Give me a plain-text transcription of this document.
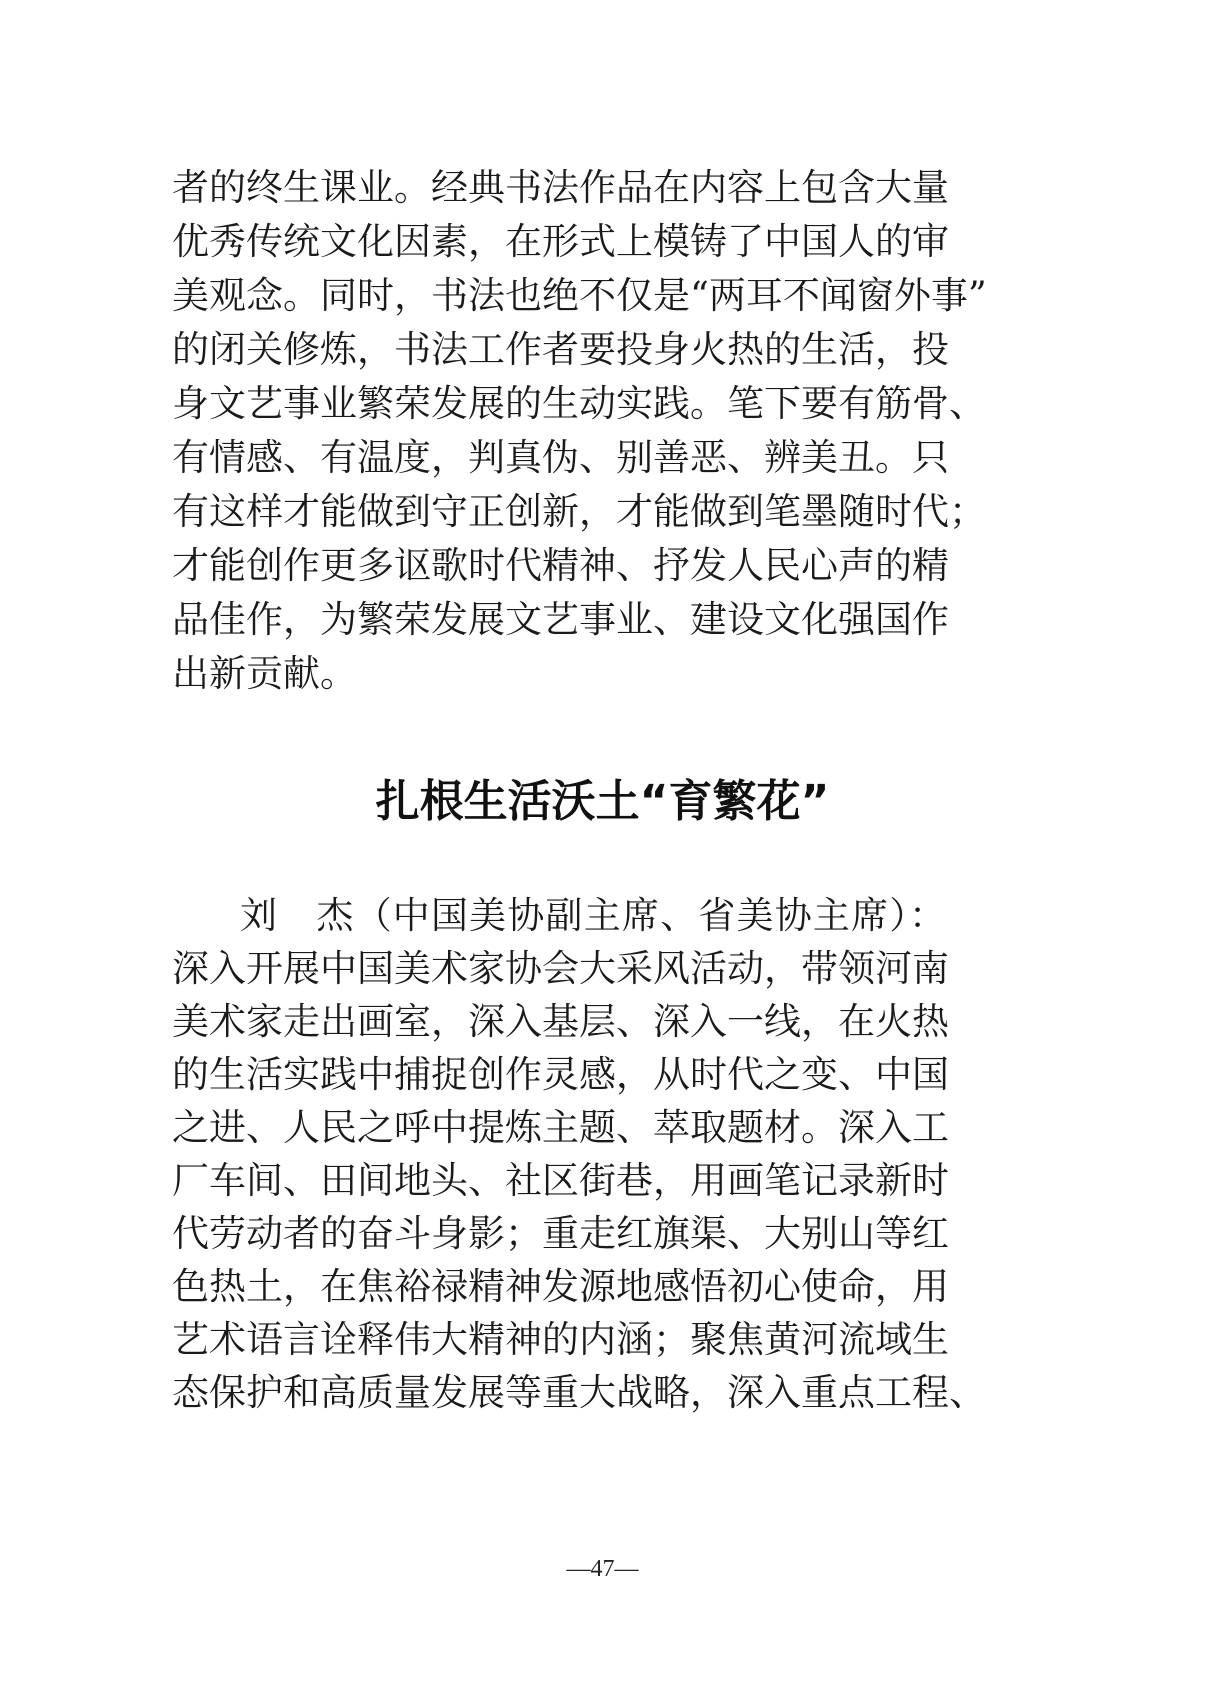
者的终生课业。经典书法作品在内容上包含大量
优秀传统文化因素，在形式上模铸了中国人的审
美观念。同时，书法也绝不仅是“两耳不闻窗外事”
的闭关修炼，书法工作者要投身火热的生活，投
身文艺事业繁荣发展的生动实践。笔下要有筋骨、
有情感、有温度，判真伪、别善恶、辨美丑。只
有这样才能做到守正创新，才能做到笔墨随时代；
才能创作更多讴歌时代精神、抒发人民心声的精
品佳作，为繁荣发展文艺事业、建设文化强国作
出新贡献。
扎根生活沃土“育繁花”
刘　杰（中国美协副主席、省美协主席）：
深入开展中国美术家协会大采风活动，带领河南
美术家走出画室，深入基层、深入一线，在火热
的生活实践中捕捉创作灵感，从时代之变、中国
之进、人民之呼中提炼主题、萃取题材。深入工
厂车间、田间地头、社区街巷，用画笔记录新时
代劳动者的奋斗身影；重走红旗渠、大别山等红
色热土，在焦裕禄精神发源地感悟初心使命，用
艺术语言诠释伟大精神的内涵；聚焦黄河流域生
态保护和高质量发展等重大战略，深入重点工程、
—47—
